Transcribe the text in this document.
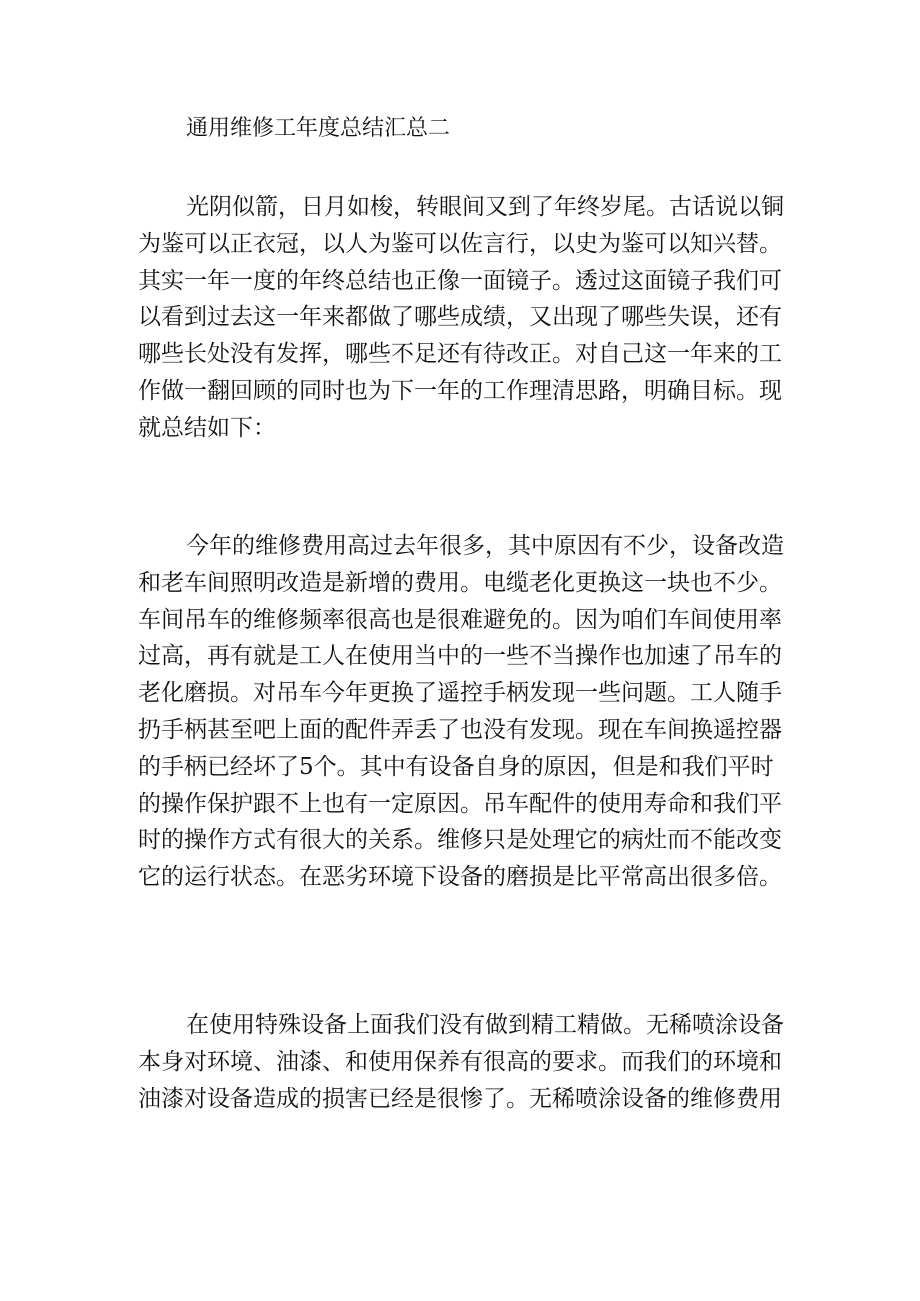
通用维修工年度总结汇总二
光阴似箭，日月如梭，转眼间又到了年终岁尾。古话说以铜
为鉴可以正衣冠，以人为鉴可以佐言行，以史为鉴可以知兴替。
其实一年一度的年终总结也正像一面镜子。透过这面镜子我们可
以看到过去这一年来都做了哪些成绩，又出现了哪些失误，还有
哪些长处没有发挥，哪些不足还有待改正。对自己这一年来的工
作做一翻回顾的同时也为下一年的工作理清思路，明确目标。现
就总结如下：
今年的维修费用高过去年很多，其中原因有不少，设备改造
和老车间照明改造是新增的费用。电缆老化更换这一块也不少。
车间吊车的维修频率很高也是很难避免的。因为咱们车间使用率
过高，再有就是工人在使用当中的一些不当操作也加速了吊车的
老化磨损。对吊车今年更换了遥控手柄发现一些问题。工人随手
扔手柄甚至吧上面的配件弄丢了也没有发现。现在车间换遥控器
的手柄已经坏了5个。其中有设备自身的原因，但是和我们平时
的操作保护跟不上也有一定原因。吊车配件的使用寿命和我们平
时的操作方式有很大的关系。维修只是处理它的病灶而不能改变
它的运行状态。在恶劣环境下设备的磨损是比平常高出很多倍。
在使用特殊设备上面我们没有做到精工精做。无稀喷涂设备
本身对环境、油漆、和使用保养有很高的要求。而我们的环境和
油漆对设备造成的损害已经是很惨了。无稀喷涂设备的维修费用
